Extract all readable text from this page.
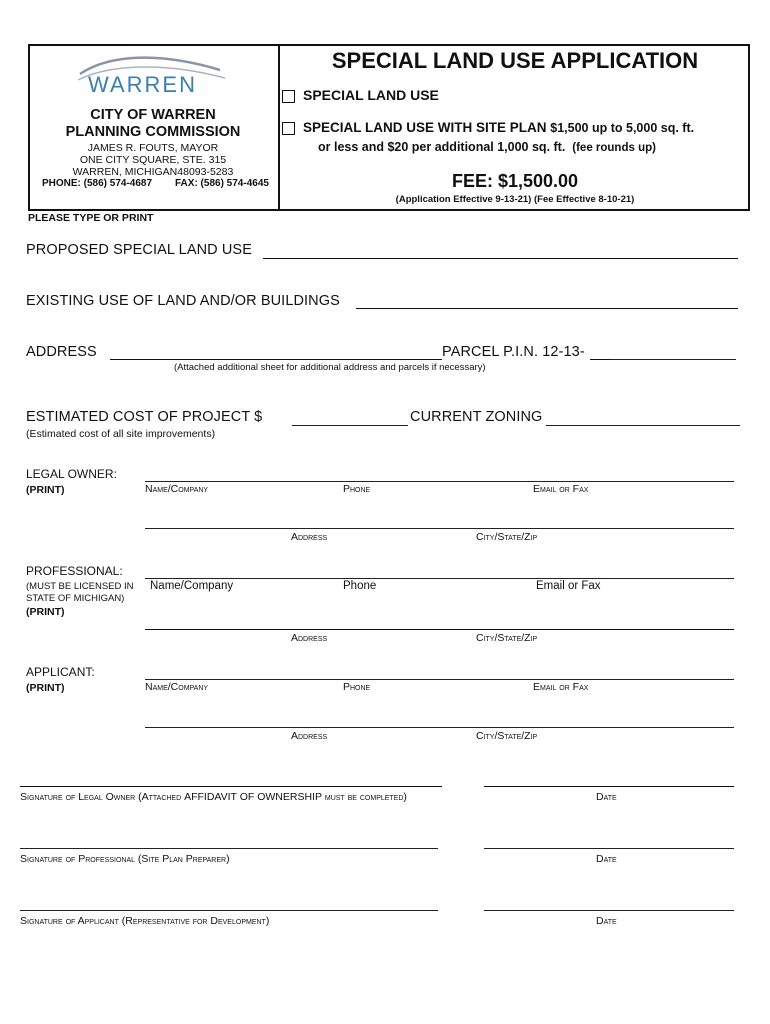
WARREN
CITY OF WARREN
PLANNING COMMISSION
JAMES R. FOUTS, MAYOR
ONE CITY SQUARE, STE. 315
WARREN, MICHIGAN48093-5283
PHONE: (586) 574-4687 FAX: (586) 574-4645
SPECIAL LAND USE APPLICATION
SPECIAL LAND USE
SPECIAL LAND USE WITH SITE PLAN $1,500 up to 5,000 sq. ft.
or less and $20 per additional 1,000 sq. ft. (fee rounds up)
FEE: $1,500.00
(Application Effective 9-13-21) (Fee Effective 8-10-21)
PLEASE TYPE OR PRINT
PROPOSED SPECIAL LAND USE
EXISTING USE OF LAND AND/OR BUILDINGS
ADDRESS	PARCEL P.I.N. 12-13-
(Attached additional sheet for additional address and parcels if necessary)
ESTIMATED COST OF PROJECT $	CURRENT ZONING
(Estimated cost of all site improvements)
LEGAL OWNER:
(PRINT)	Name/Company	Phone	Email or Fax
Address	City/State/Zip
PROFESSIONAL:
(MUST BE LICENSED IN
STATE OF MICHIGAN)
(PRINT)
Name/Company	Phone	Email or Fax
Address	City/State/Zip
APPLICANT:
(PRINT)	Name/Company	Phone	Email or Fax
Address	City/State/Zip
Signature of Legal Owner (Attached AFFIDAVIT OF OWNERSHIP must be completed)	Date
Signature of Professional (Site Plan Preparer)	Date
Signature of Applicant (Representative for Development)	Date
